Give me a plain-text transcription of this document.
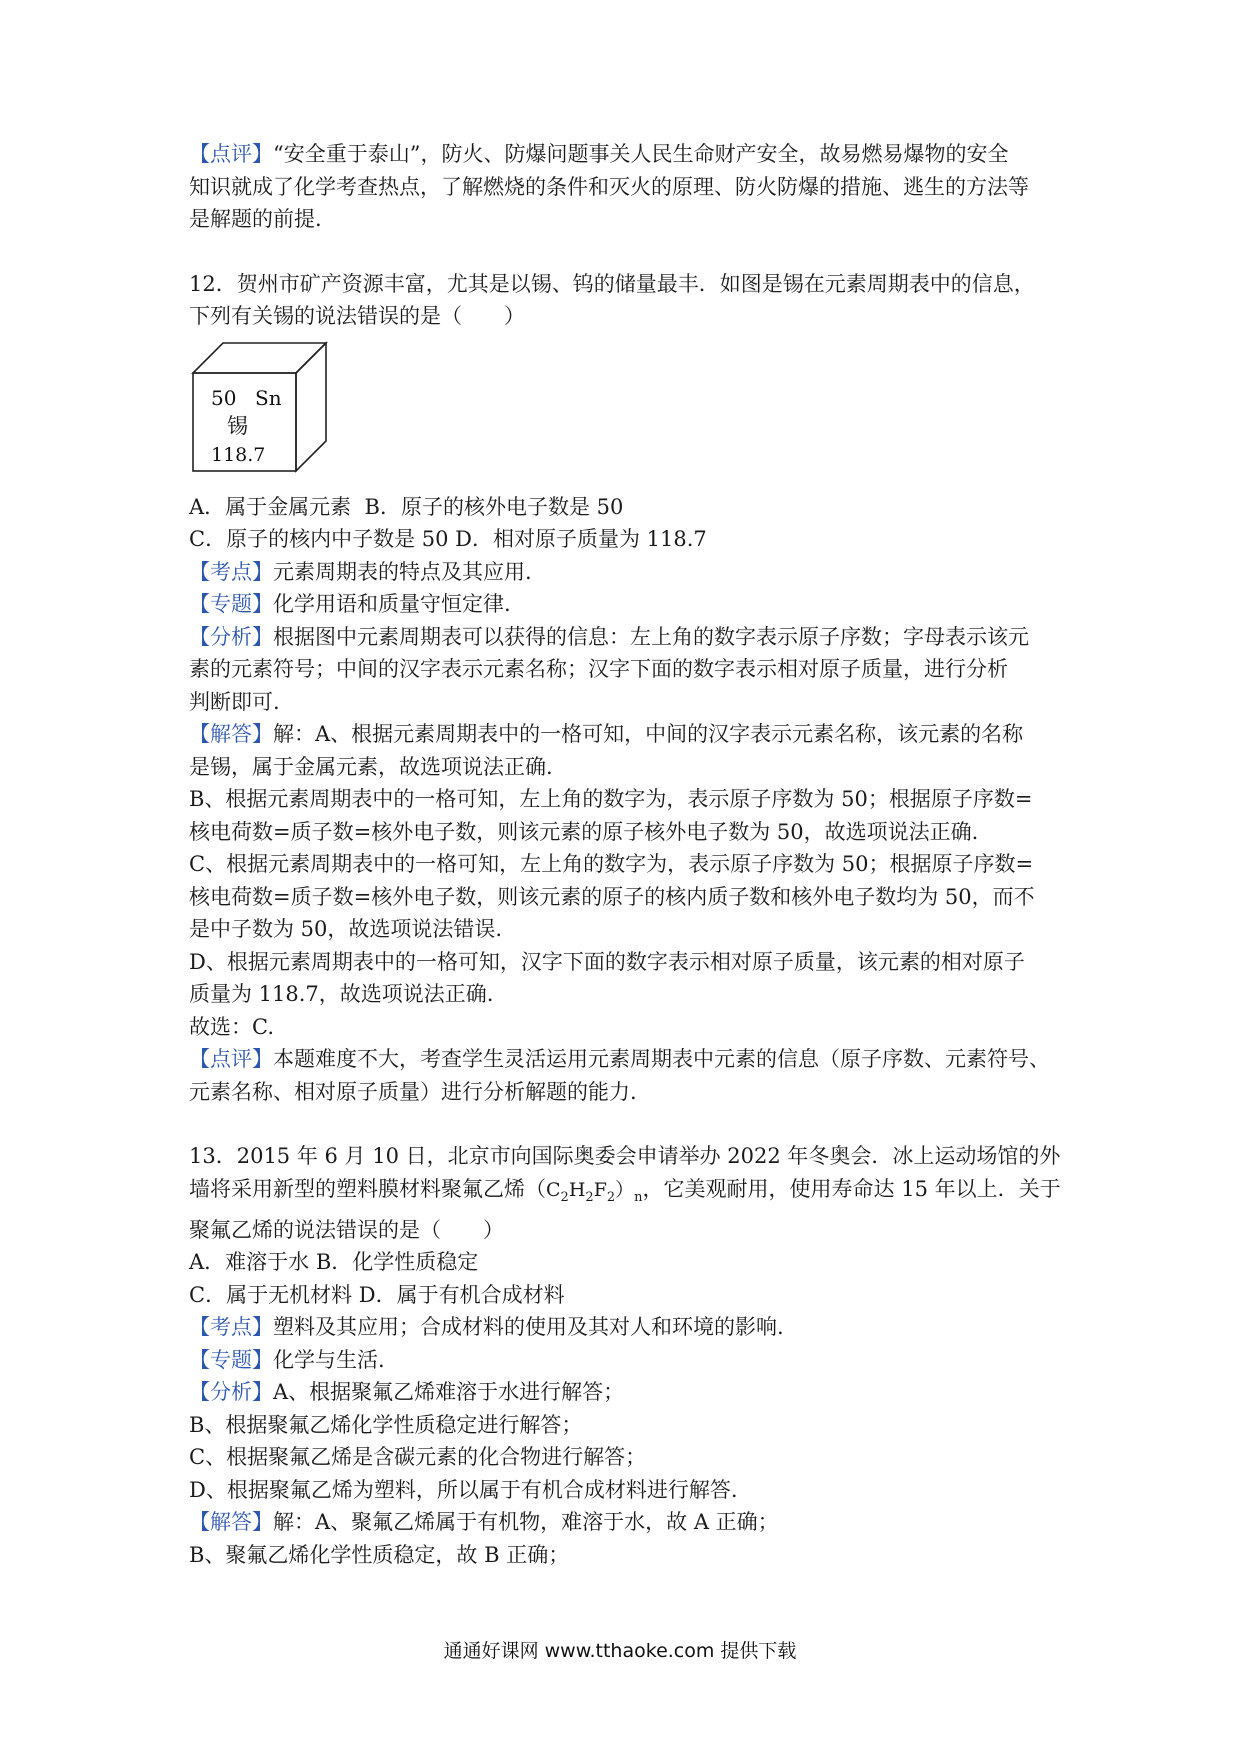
【点评】“安全重于泰山”，防火、防爆问题事关人民生命财产安全，故易燃易爆物的安全

知识就成了化学考查热点，了解燃烧的条件和灭火的原理、防火防爆的措施、逃生的方法等

是解题的前提.

12．贺州市矿产资源丰富，尤其是以锡、钨的储量最丰．如图是锡在元素周期表中的信息，

下列有关锡的说法错误的是（　　）

50 Sn
锡
118.7

A．属于金属元素  B．原子的核外电子数是 50

C．原子的核内中子数是 50 D．相对原子质量为 118.7

【考点】元素周期表的特点及其应用.

【专题】化学用语和质量守恒定律.

【分析】根据图中元素周期表可以获得的信息：左上角的数字表示原子序数；字母表示该元

素的元素符号；中间的汉字表示元素名称；汉字下面的数字表示相对原子质量，进行分析

判断即可.

【解答】解：A、根据元素周期表中的一格可知，中间的汉字表示元素名称，该元素的名称

是锡，属于金属元素，故选项说法正确.

B、根据元素周期表中的一格可知，左上角的数字为，表示原子序数为 50；根据原子序数=

核电荷数=质子数=核外电子数，则该元素的原子核外电子数为 50，故选项说法正确.

C、根据元素周期表中的一格可知，左上角的数字为，表示原子序数为 50；根据原子序数=

核电荷数=质子数=核外电子数，则该元素的原子的核内质子数和核外电子数均为 50，而不

是中子数为 50，故选项说法错误.

D、根据元素周期表中的一格可知，汉字下面的数字表示相对原子质量，该元素的相对原子

质量为 118.7，故选项说法正确.

故选：C.

【点评】本题难度不大，考查学生灵活运用元素周期表中元素的信息（原子序数、元素符号、

元素名称、相对原子质量）进行分析解题的能力.

13．2015 年 6 月 10 日，北京市向国际奥委会申请举办 2022 年冬奥会．冰上运动场馆的外

墙将采用新型的塑料膜材料聚氟乙烯$(C_2H_2F_2)_n$，它美观耐用，使用寿命达 15 年以上．关于

聚氟乙烯的说法错误的是（　　）

A．难溶于水 B．化学性质稳定

C．属于无机材料 D．属于有机合成材料

【考点】塑料及其应用；合成材料的使用及其对人和环境的影响.

【专题】化学与生活.

【分析】A、根据聚氟乙烯难溶于水进行解答；

B、根据聚氟乙烯化学性质稳定进行解答；

C、根据聚氟乙烯是含碳元素的化合物进行解答；

D、根据聚氟乙烯为塑料，所以属于有机合成材料进行解答.

【解答】解：A、聚氟乙烯属于有机物，难溶于水，故 A 正确；

B、聚氟乙烯化学性质稳定，故 B 正确；

通通好课网 www.tthaoke.com 提供下载
